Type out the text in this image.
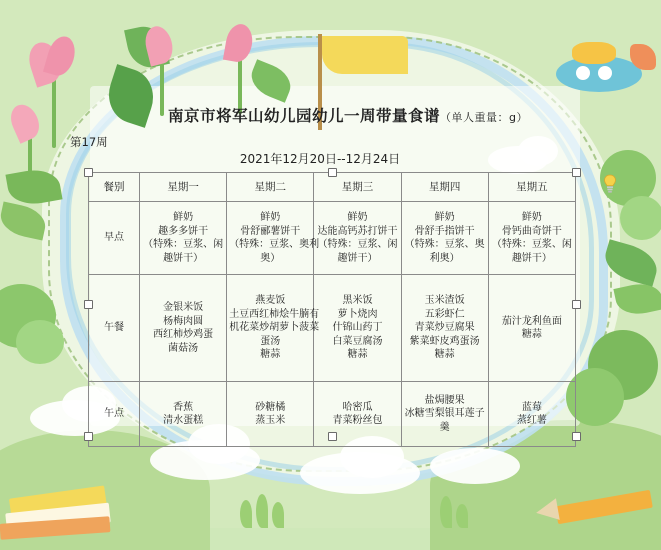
南京市将军山幼儿园幼儿一周带量食谱（单人重量：g）
第17周
2021年12月20日--12月24日
餐别	星期一	星期二	星期三	星期四	星期五
早点	鲜奶
趣多多饼干
（特殊：豆浆、闲
趣饼干）	鲜奶
骨舒郦薯饼干
（特殊：豆浆、奥利
奥）	鲜奶
达能高钙苏打饼干
（特殊：豆浆、闲
趣饼干）	鲜奶
骨舒手指饼干
（特殊：豆浆、奥
利奥）	鲜奶
骨钙曲奇饼干
（特殊：豆浆、闲
趣饼干）

午餐	金银米饭
杨梅肉圆
西红柿炒鸡蛋
菌菇汤	燕麦饭
土豆西红柿烩牛腩有
机花菜炒胡萝卜菠菜
蛋汤
糖蒜	黑米饭
萝卜烧肉
什锦山药丁
白菜豆腐汤
糖蒜	玉米渣饭
五彩虾仁
青菜炒豆腐果
紫菜虾皮鸡蛋汤
糖蒜	茄汁龙利鱼面
糖蒜

午点	香蕉
清水蛋糕	砂糖橘
蒸玉米	哈密瓜
青菜粉丝包	盐焗腰果
冰糖雪梨银耳莲子
羹	蓝莓
蒸红薯
